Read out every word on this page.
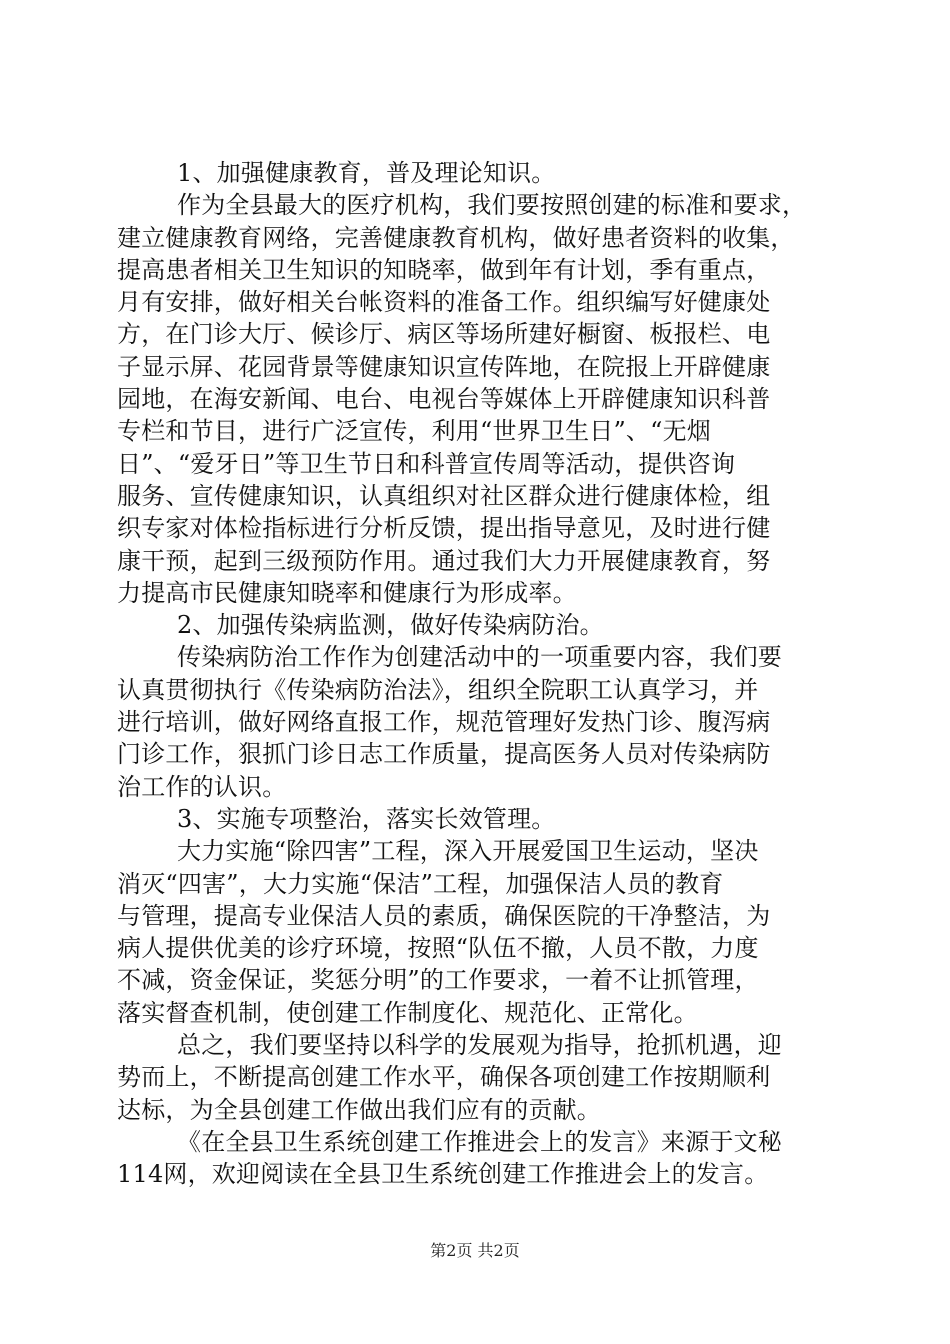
1、加强健康教育，普及理论知识。
作为全县最大的医疗机构，我们要按照创建的标准和要求，
建立健康教育网络，完善健康教育机构，做好患者资料的收集，
提高患者相关卫生知识的知晓率，做到年有计划，季有重点，
月有安排，做好相关台帐资料的准备工作。组织编写好健康处
方，在门诊大厅、候诊厅、病区等场所建好橱窗、板报栏、电
子显示屏、花园背景等健康知识宣传阵地，在院报上开辟健康
园地，在海安新闻、电台、电视台等媒体上开辟健康知识科普
专栏和节目，进行广泛宣传，利用“世界卫生日”、“无烟
日”、“爱牙日”等卫生节日和科普宣传周等活动，提供咨询
服务、宣传健康知识，认真组织对社区群众进行健康体检，组
织专家对体检指标进行分析反馈，提出指导意见，及时进行健
康干预，起到三级预防作用。通过我们大力开展健康教育，努
力提高市民健康知晓率和健康行为形成率。
2、加强传染病监测，做好传染病防治。
传染病防治工作作为创建活动中的一项重要内容，我们要
认真贯彻执行《传染病防治法》，组织全院职工认真学习，并
进行培训，做好网络直报工作，规范管理好发热门诊、腹泻病
门诊工作，狠抓门诊日志工作质量，提高医务人员对传染病防
治工作的认识。
3、实施专项整治，落实长效管理。
大力实施“除四害”工程，深入开展爱国卫生运动，坚决
消灭“四害”，大力实施“保洁”工程，加强保洁人员的教育
与管理，提高专业保洁人员的素质，确保医院的干净整洁，为
病人提供优美的诊疗环境，按照“队伍不撤，人员不散，力度
不减，资金保证，奖惩分明”的工作要求，一着不让抓管理，
落实督查机制，使创建工作制度化、规范化、正常化。
总之，我们要坚持以科学的发展观为指导，抢抓机遇，迎
势而上，不断提高创建工作水平，确保各项创建工作按期顺利
达标，为全县创建工作做出我们应有的贡献。
《在全县卫生系统创建工作推进会上的发言》来源于文秘
114网，欢迎阅读在全县卫生系统创建工作推进会上的发言。
第2页 共2页
